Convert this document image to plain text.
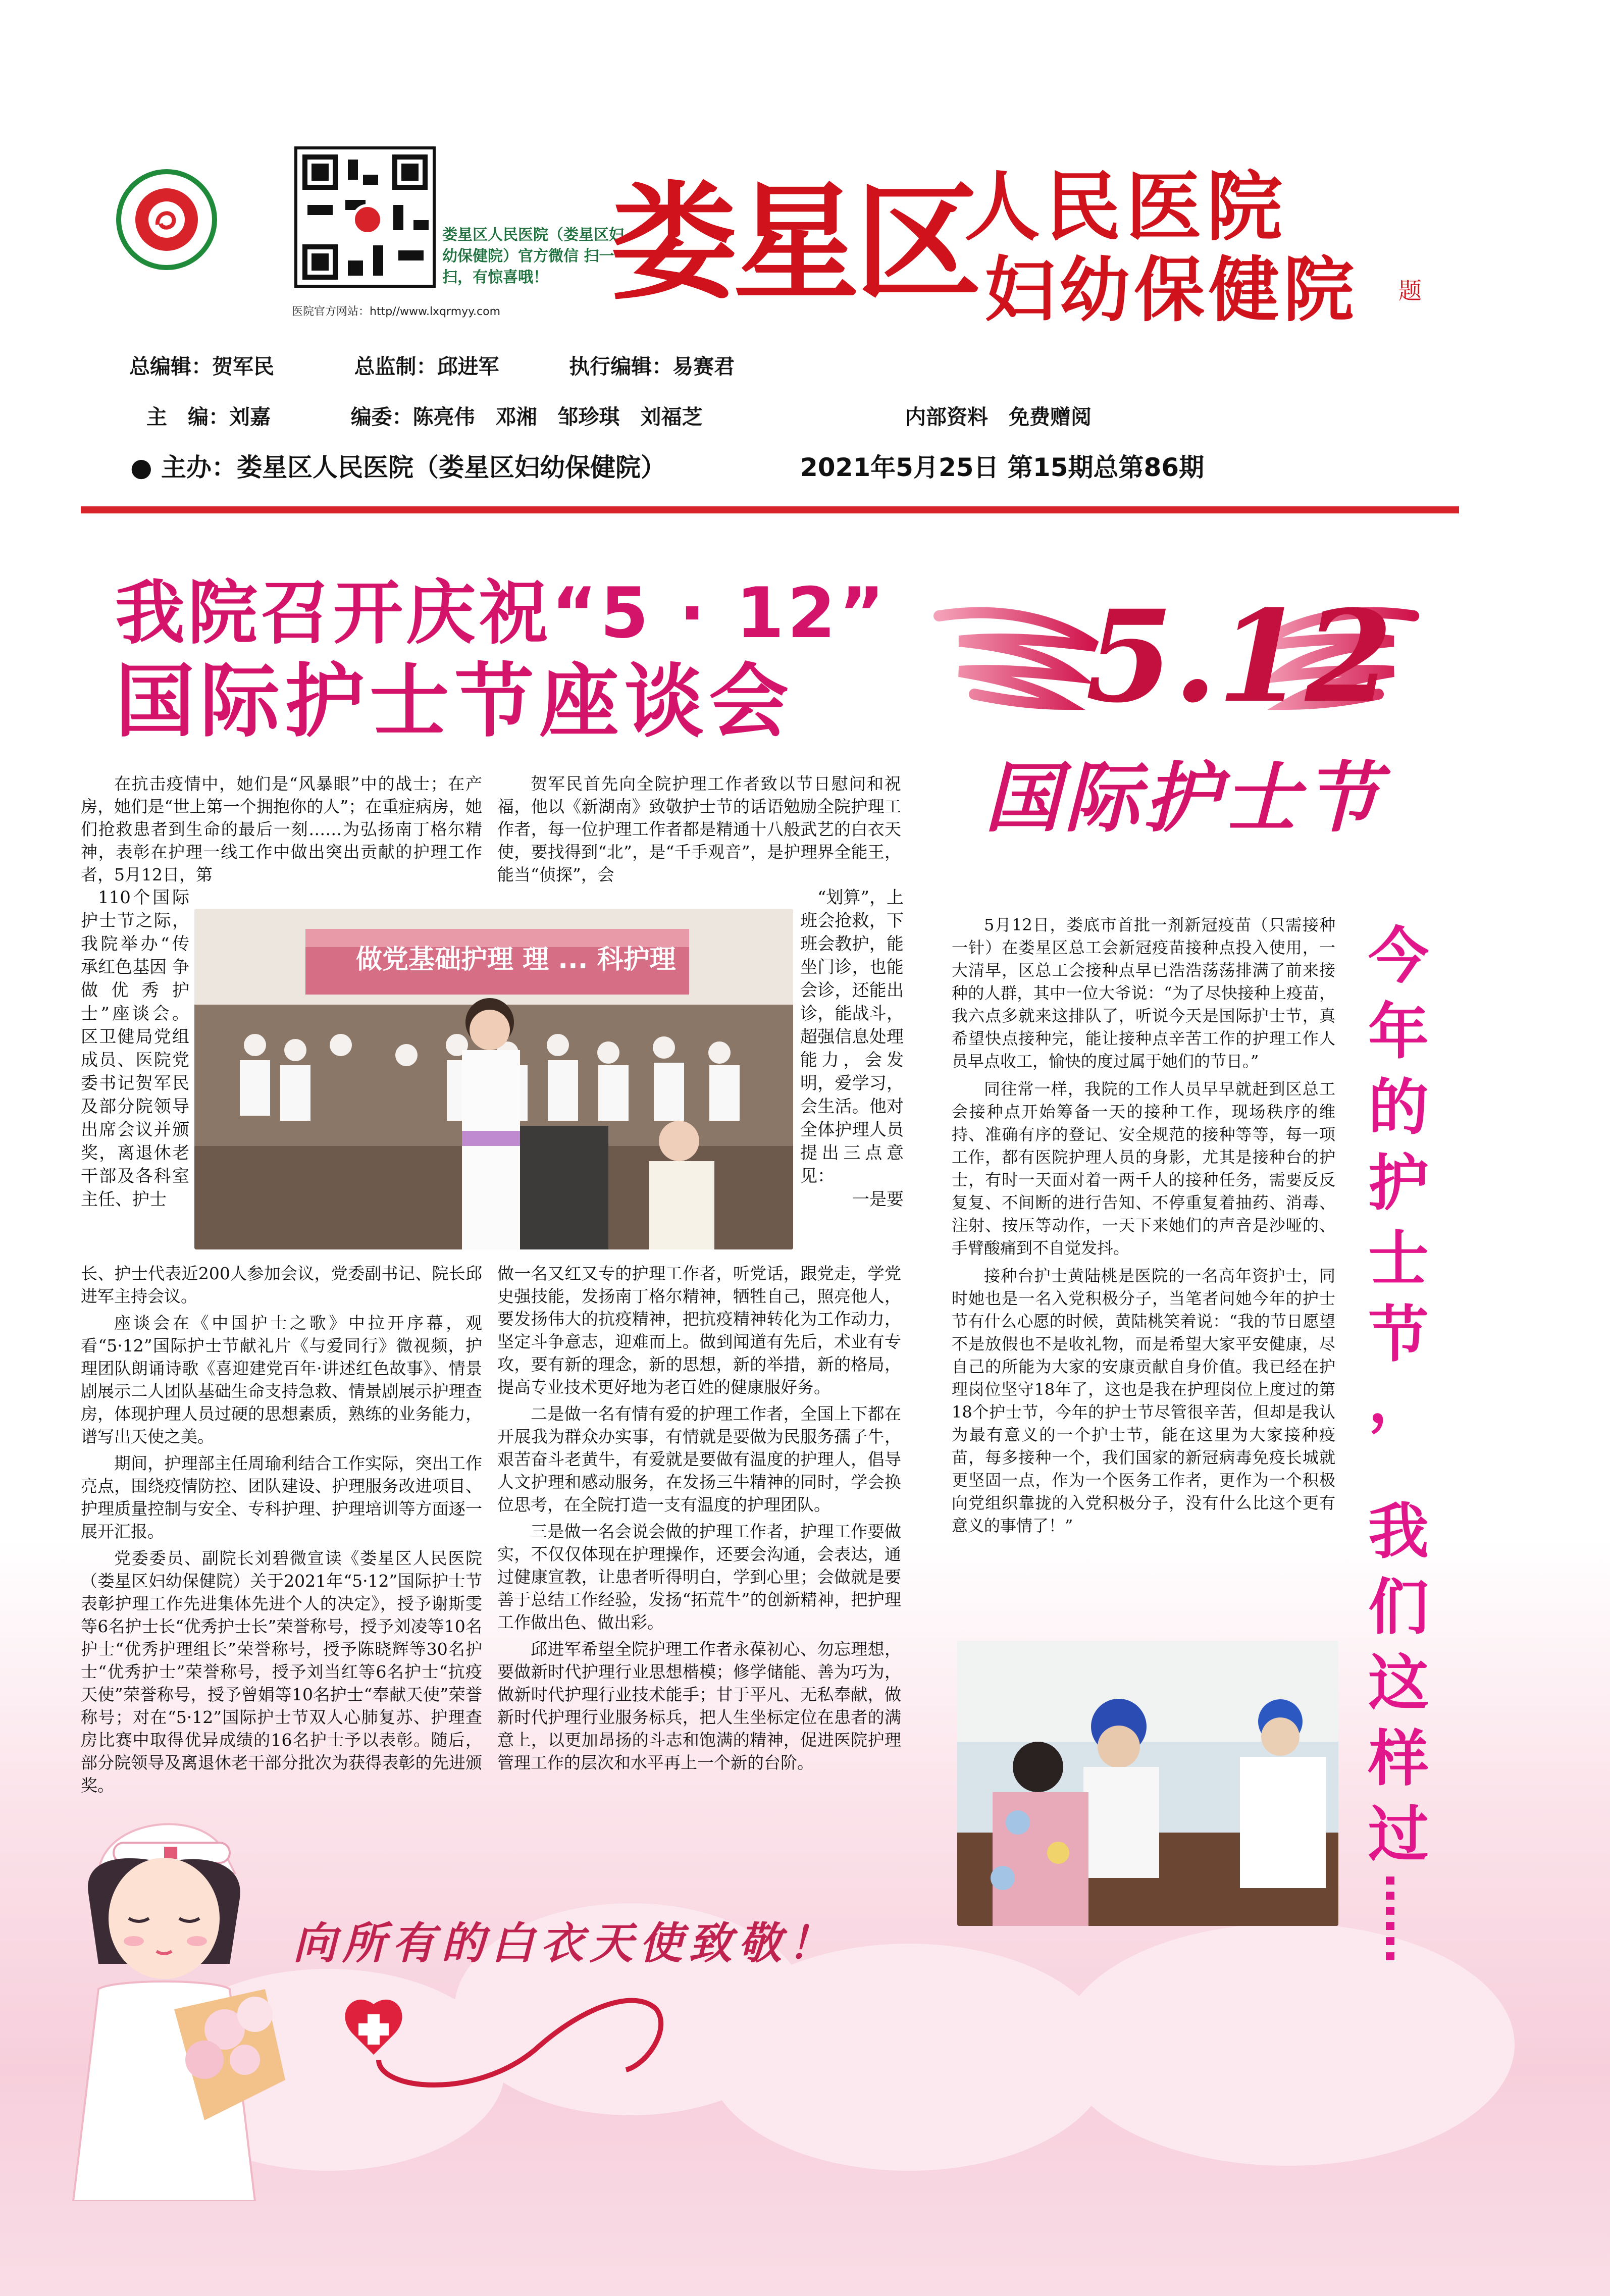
娄星区人民医院（娄星区妇幼保健院）官方微信 扫一扫，有惊喜哦！
医院官方网站：http//www.lxqrmyy.com 娄星区
人民医院
妇幼保健院 题
总编辑：贺军民	总监制：邱进军	执行编辑：易赛君
主　编：刘嘉	编委：陈亮伟　邓湘　邹珍琪　刘福芝	内部资料　免费赠阅
● 主办：娄星区人民医院（娄星区妇幼保健院）	2021年5月25日 第15期总第86期
我院召开庆祝“5 · 12”
国际护士节座谈会 5.12
国际护士节

在抗击疫情中，她们是“风暴眼”中的战士；在产房，她们是“世上第一个拥抱你的人”；在重症病房，她们抢救患者到生命的最后一刻……为弘扬南丁格尔精神，表彰在护理一线工作中做出突出贡献的护理工作者，5月12日，第

110个国际护士节之际，我院举办“传承红色基因 争做优秀护士”座谈会。区卫健局党组成员、医院党委书记贺军民及部分院领导出席会议并颁奖，离退休老干部及各科室主任、护士
做党基础护理 理 ... 科护理
长、护士代表近200人参加会议，党委副书记、院长邱进军主持会议。

座谈会在《中国护士之歌》中拉开序幕，观看“5·12”国际护士节献礼片《与爱同行》微视频，护理团队朗诵诗歌《喜迎建党百年·讲述红色故事》、情景剧展示二人团队基础生命支持急救、情景剧展示护理查房，体现护理人员过硬的思想素质，熟练的业务能力，谱写出天使之美。

期间，护理部主任周瑜利结合工作实际，突出工作亮点，围绕疫情防控、团队建设、护理服务改进项目、护理质量控制与安全、专科护理、护理培训等方面逐一展开汇报。

党委委员、副院长刘碧微宣读《娄星区人民医院（娄星区妇幼保健院）关于2021年“5·12”国际护士节表彰护理工作先进集体先进个人的决定》，授予谢斯雯等6名护士长“优秀护士长”荣誉称号，授予刘凌等10名护士“优秀护理组长”荣誉称号，授予陈晓辉等30名护士“优秀护士”荣誉称号，授予刘当红等6名护士“抗疫天使”荣誉称号，授予曾娟等10名护士“奉献天使”荣誉称号；对在“5·12”国际护士节双人心肺复苏、护理查房比赛中取得优异成绩的16名护士予以表彰。随后，部分院领导及离退休老干部分批次为获得表彰的先进颁奖。

贺军民首先向全院护理工作者致以节日慰问和祝福，他以《新湖南》致敬护士节的话语勉励全院护理工作者，每一位护理工作者都是精通十八般武艺的白衣天使，要找得到“北”，是“千手观音”，是护理界全能王，能当“侦探”，会

“划算”，上班会抢救，下班会教护，能坐门诊，也能会诊，还能出诊，能战斗，超强信息处理能力，会发明，爱学习，会生活。他对全体护理人员提出三点意见：
一是要
做一名又红又专的护理工作者，听党话，跟党走，学党史强技能，发扬南丁格尔精神，牺牲自己，照亮他人，要发扬伟大的抗疫精神，把抗疫精神转化为工作动力，坚定斗争意志，迎难而上。做到闻道有先后，术业有专攻，要有新的理念，新的思想，新的举措，新的格局，提高专业技术更好地为老百姓的健康服好务。

二是做一名有情有爱的护理工作者，全国上下都在开展我为群众办实事，有情就是要做为民服务孺子牛，艰苦奋斗老黄牛，有爱就是要做有温度的护理人，倡导人文护理和感动服务，在发扬三牛精神的同时，学会换位思考，在全院打造一支有温度的护理团队。

三是做一名会说会做的护理工作者，护理工作要做实，不仅仅体现在护理操作，还要会沟通，会表达，通过健康宣教，让患者听得明白，学到心里；会做就是要善于总结工作经验，发扬“拓荒牛”的创新精神，把护理工作做出色、做出彩。

邱进军希望全院护理工作者永葆初心、勿忘理想，要做新时代护理行业思想楷模；修学储能、善为巧为，做新时代护理行业技术能手；甘于平凡、无私奉献，做新时代护理行业服务标兵，把人生坐标定位在患者的满意上，以更加昂扬的斗志和饱满的精神，促进医院护理管理工作的层次和水平再上一个新的台阶。

5月12日，娄底市首批一剂新冠疫苗（只需接种一针）在娄星区总工会新冠疫苗接种点投入使用，一大清早，区总工会接种点早已浩浩荡荡排满了前来接种的人群，其中一位大爷说：“为了尽快接种上疫苗，我六点多就来这排队了，听说今天是国际护士节，真希望快点接种完，能让接种点辛苦工作的护理工作人员早点收工，愉快的度过属于她们的节日。”

同往常一样，我院的工作人员早早就赶到区总工会接种点开始筹备一天的接种工作，现场秩序的维持、准确有序的登记、安全规范的接种等等，每一项工作，都有医院护理人员的身影，尤其是接种台的护士，有时一天面对着一两千人的接种任务，需要反反复复、不间断的进行告知、不停重复着抽药、消毒、注射、按压等动作，一天下来她们的声音是沙哑的、手臂酸痛到不自觉发抖。

接种台护士黄陆桃是医院的一名高年资护士，同时她也是一名入党积极分子，当笔者问她今年的护士节有什么心愿的时候，黄陆桃笑着说：“我的节日愿望不是放假也不是收礼物，而是希望大家平安健康，尽自己的所能为大家的安康贡献自身价值。我已经在护理岗位坚守18年了，这也是我在护理岗位上度过的第18个护士节，今年的护士节尽管很辛苦，但却是我认为最有意义的一个护士节，能在这里为大家接种疫苗，每多接种一个，我们国家的新冠病毒免疫长城就更坚固一点，作为一个医务工作者，更作为一个积极向党组织靠拢的入党积极分子，没有什么比这个更有意义的事情了！”

今
年
的
护
士
节
，
我
们
这
样
过
……
向所有的白衣天使致敬！
